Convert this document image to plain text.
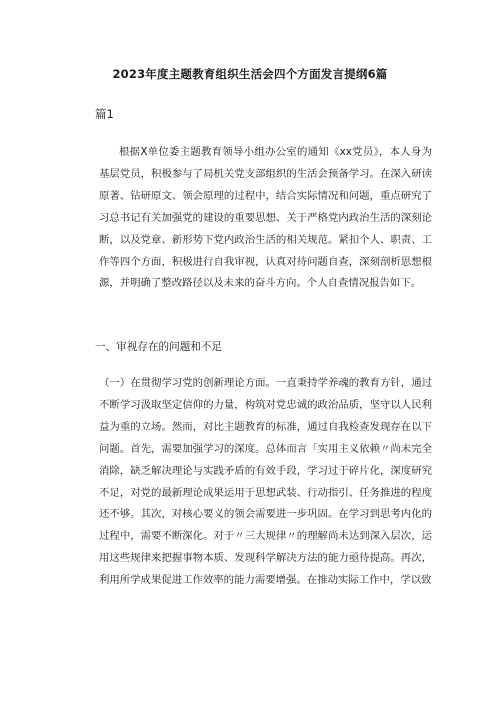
2023年度主题教育组织生活会四个方面发言提纲6篇

篇1

根据X单位委主题教育领导小组办公室的通知《xx党员》，本人身为基层党员，积极参与了局机关党支部组织的生活会预备学习。在深入研读原著、钻研原文、领会原理的过程中，结合实际情况和问题，重点研究了习总书记有关加强党的建设的重要思想、关于严格党内政治生活的深刻论断，以及党章、新形势下党内政治生活的相关规范。紧扣个人、职责、工作等四个方面，积极进行自我审视，认真对待问题自查，深刻剖析思想根源，并明确了整改路径以及未来的奋斗方向。个人自查情况报告如下。

一、审视存在的问题和不足

（一）在贯彻学习党的创新理论方面。一直秉持学养魂的教育方针，通过不断学习汲取坚定信仰的力量，构筑对党忠诚的政治品质，坚守以人民利益为重的立场。然而，对比主题教育的标准，通过自我检查发现存在以下问题。首先，需要加强学习的深度。总体而言「实用主义依赖〃尚未完全消除，缺乏解决理论与实践矛盾的有效手段，学习过于碎片化，深度研究不足，对党的最新理论成果运用于思想武装、行动指引、任务推进的程度还不够。其次，对核心要义的领会需要进一步巩固。在学习到思考内化的过程中，需要不断深化。对于〃三大规律〃的理解尚未达到深入层次，运用这些规律来把握事物本质、发现科学解决方法的能力亟待提高。再次，利用所学成果促进工作效率的能力需要增强。在推动实际工作中，学以致
